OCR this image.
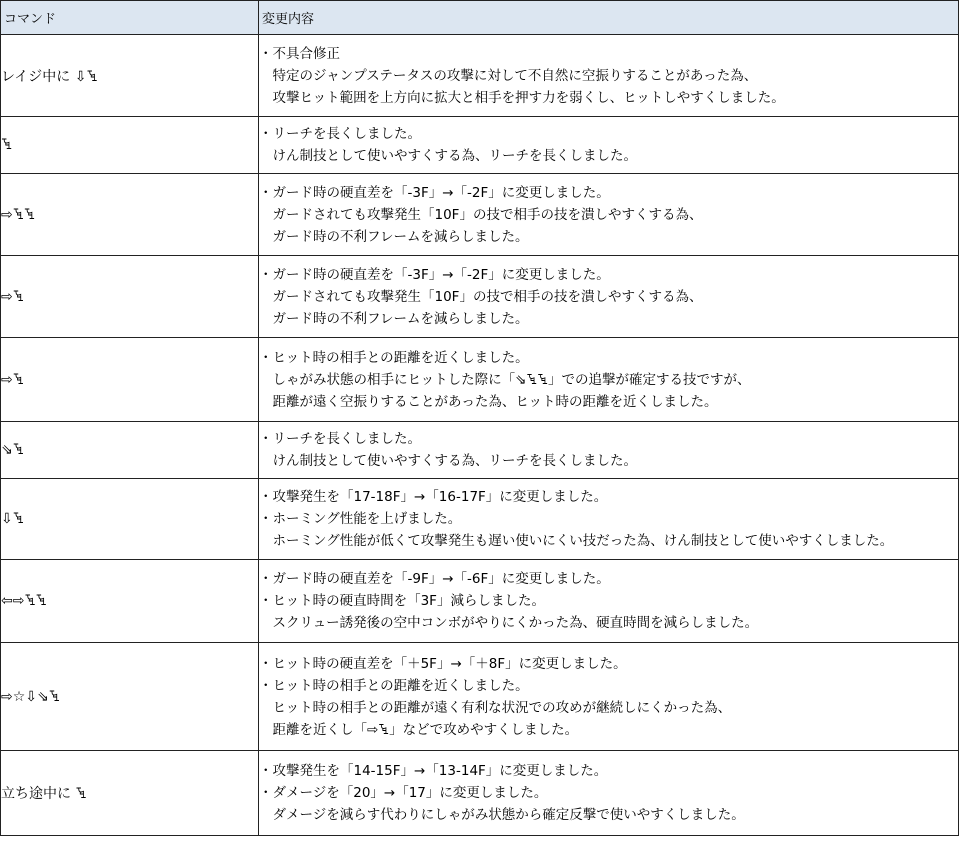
コマンド	変更内容
レイジ中に ⇩ꔃ	・不具合修正
　特定のジャンプステータスの攻撃に対して不自然に空振りすることがあった為、
　攻撃ヒット範囲を上方向に拡大と相手を押す力を弱くし、ヒットしやすくしました。

ꔃ	・リーチを長くしました。
　けん制技として使いやすくする為、リーチを長くしました。

⇨ꔃꔃ	・ガード時の硬直差を「-3F」→「-2F」に変更しました。
　ガードされても攻撃発生「10F」の技で相手の技を潰しやすくする為、
　ガード時の不利フレームを減らしました。

⇨ꔃ	・ガード時の硬直差を「-3F」→「-2F」に変更しました。
　ガードされても攻撃発生「10F」の技で相手の技を潰しやすくする為、
　ガード時の不利フレームを減らしました。

⇨ꔃ	・ヒット時の相手との距離を近くしました。
　しゃがみ状態の相手にヒットした際に「⇘ꔃꔃ」での追撃が確定する技ですが、
　距離が遠く空振りすることがあった為、ヒット時の距離を近くしました。

⇘ꔃ	・リーチを長くしました。
　けん制技として使いやすくする為、リーチを長くしました。

⇩ꔃ	・攻撃発生を「17-18F」→「16-17F」に変更しました。
・ホーミング性能を上げました。
　ホーミング性能が低くて攻撃発生も遅い使いにくい技だった為、けん制技として使いやすくしました。

⇦⇨ꔃꔃ	・ガード時の硬直差を「-9F」→「-6F」に変更しました。
・ヒット時の硬直時間を「3F」減らしました。
　スクリュー誘発後の空中コンボがやりにくかった為、硬直時間を減らしました。

⇨☆⇩⇘ꔃ	・ヒット時の硬直差を「＋5F」→「＋8F」に変更しました。
・ヒット時の相手との距離を近くしました。
　ヒット時の相手との距離が遠く有利な状況での攻めが継続しにくかった為、
　距離を近くし「⇨ꔃ」などで攻めやすくしました。

立ち途中に ꔃ	・攻撃発生を「14-15F」→「13-14F」に変更しました。
・ダメージを「20」→「17」に変更しました。
　ダメージを減らす代わりにしゃがみ状態から確定反撃で使いやすくしました。
